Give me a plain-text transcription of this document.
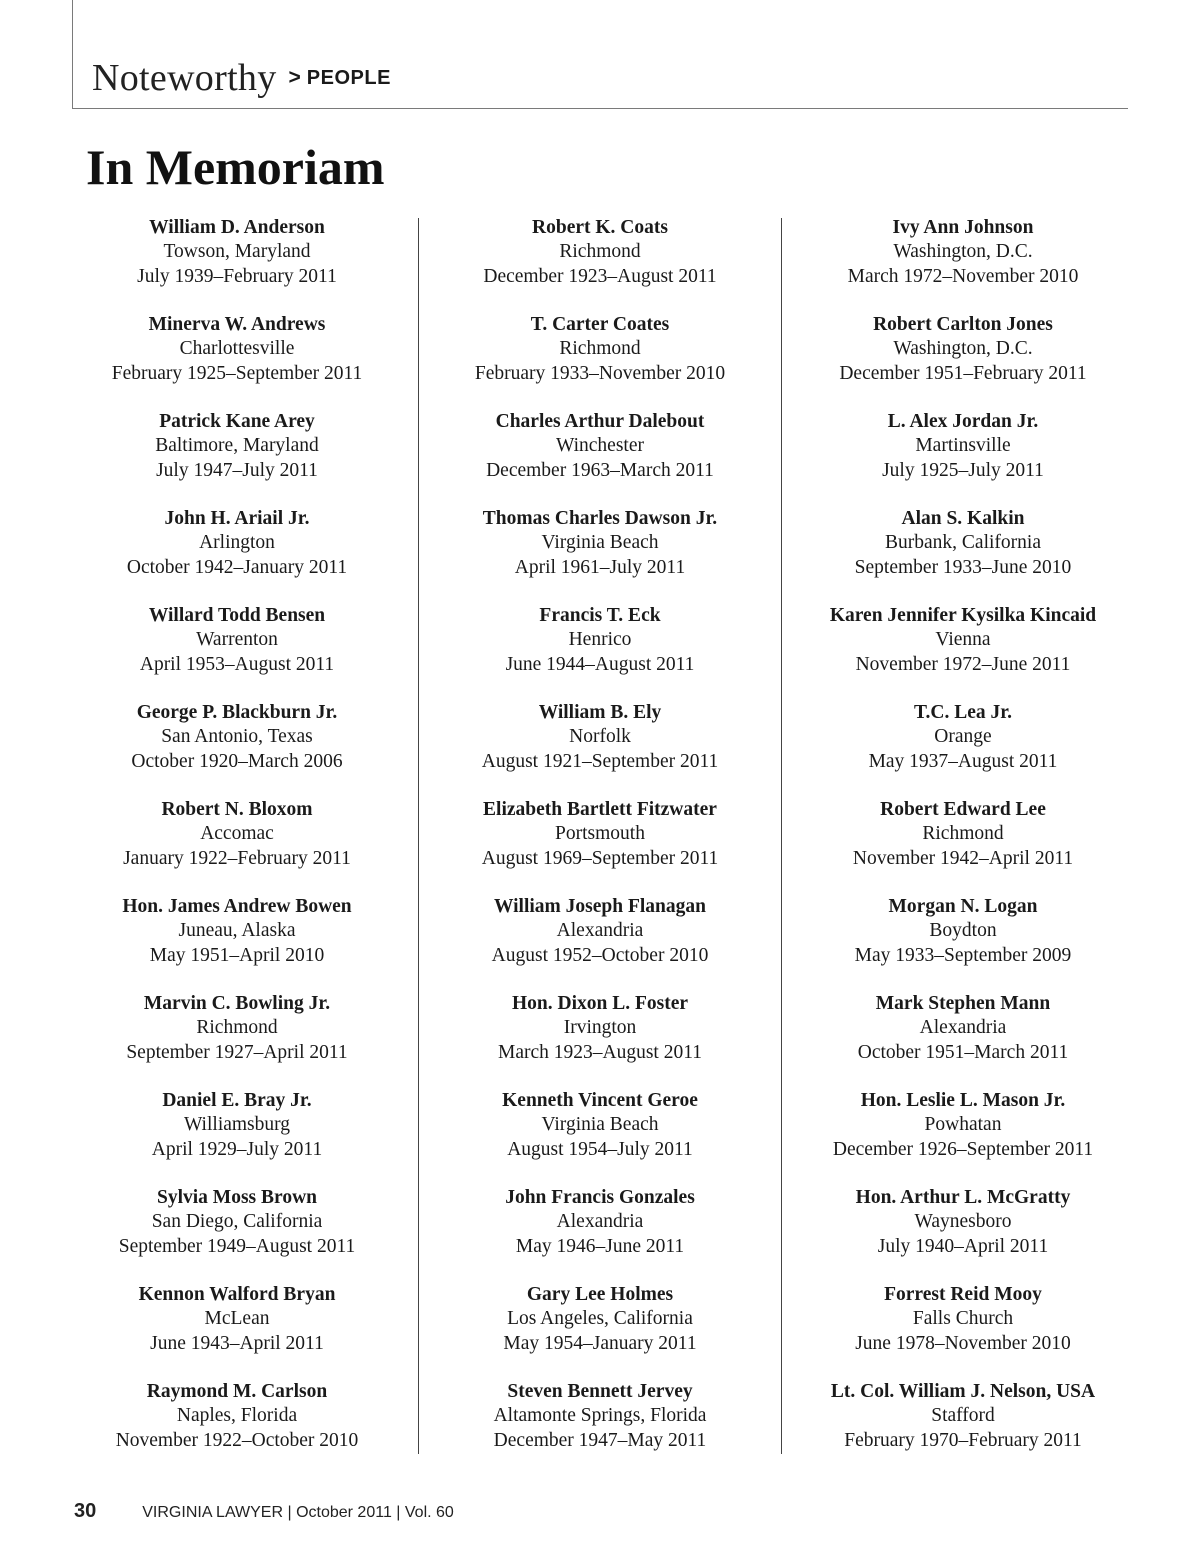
Noteworthy > PEOPLE
In Memoriam
William D. Anderson
Towson, Maryland
July 1939–February 2011
Minerva W. Andrews
Charlottesville
February 1925–September 2011
Patrick Kane Arey
Baltimore, Maryland
July 1947–July 2011
John H. Ariail Jr.
Arlington
October 1942–January 2011
Willard Todd Bensen
Warrenton
April 1953–August 2011
George P. Blackburn Jr.
San Antonio, Texas
October 1920–March 2006
Robert N. Bloxom
Accomac
January 1922–February 2011
Hon. James Andrew Bowen
Juneau, Alaska
May 1951–April 2010
Marvin C. Bowling Jr.
Richmond
September 1927–April 2011
Daniel E. Bray Jr.
Williamsburg
April 1929–July 2011
Sylvia Moss Brown
San Diego, California
September 1949–August 2011
Kennon Walford Bryan
McLean
June 1943–April 2011
Raymond M. Carlson
Naples, Florida
November 1922–October 2010
Robert K. Coats
Richmond
December 1923–August 2011
T. Carter Coates
Richmond
February 1933–November 2010
Charles Arthur Dalebout
Winchester
December 1963–March 2011
Thomas Charles Dawson Jr.
Virginia Beach
April 1961–July 2011
Francis T. Eck
Henrico
June 1944–August 2011
William B. Ely
Norfolk
August 1921–September 2011
Elizabeth Bartlett Fitzwater
Portsmouth
August 1969–September 2011
William Joseph Flanagan
Alexandria
August 1952–October 2010
Hon. Dixon L. Foster
Irvington
March 1923–August 2011
Kenneth Vincent Geroe
Virginia Beach
August 1954–July 2011
John Francis Gonzales
Alexandria
May 1946–June 2011
Gary Lee Holmes
Los Angeles, California
May 1954–January 2011
Steven Bennett Jervey
Altamonte Springs, Florida
December 1947–May 2011
Ivy Ann Johnson
Washington, D.C.
March 1972–November 2010
Robert Carlton Jones
Washington, D.C.
December 1951–February 2011
L. Alex Jordan Jr.
Martinsville
July 1925–July 2011
Alan S. Kalkin
Burbank, California
September 1933–June 2010
Karen Jennifer Kysilka Kincaid
Vienna
November 1972–June 2011
T.C. Lea Jr.
Orange
May 1937–August 2011
Robert Edward Lee
Richmond
November 1942–April 2011
Morgan N. Logan
Boydton
May 1933–September 2009
Mark Stephen Mann
Alexandria
October 1951–March 2011
Hon. Leslie L. Mason Jr.
Powhatan
December 1926–September 2011
Hon. Arthur L. McGratty
Waynesboro
July 1940–April 2011
Forrest Reid Mooy
Falls Church
June 1978–November 2010
Lt. Col. William J. Nelson, USA
Stafford
February 1970–February 2011
30	VIRGINIA LAWYER | October 2011 | Vol. 60
